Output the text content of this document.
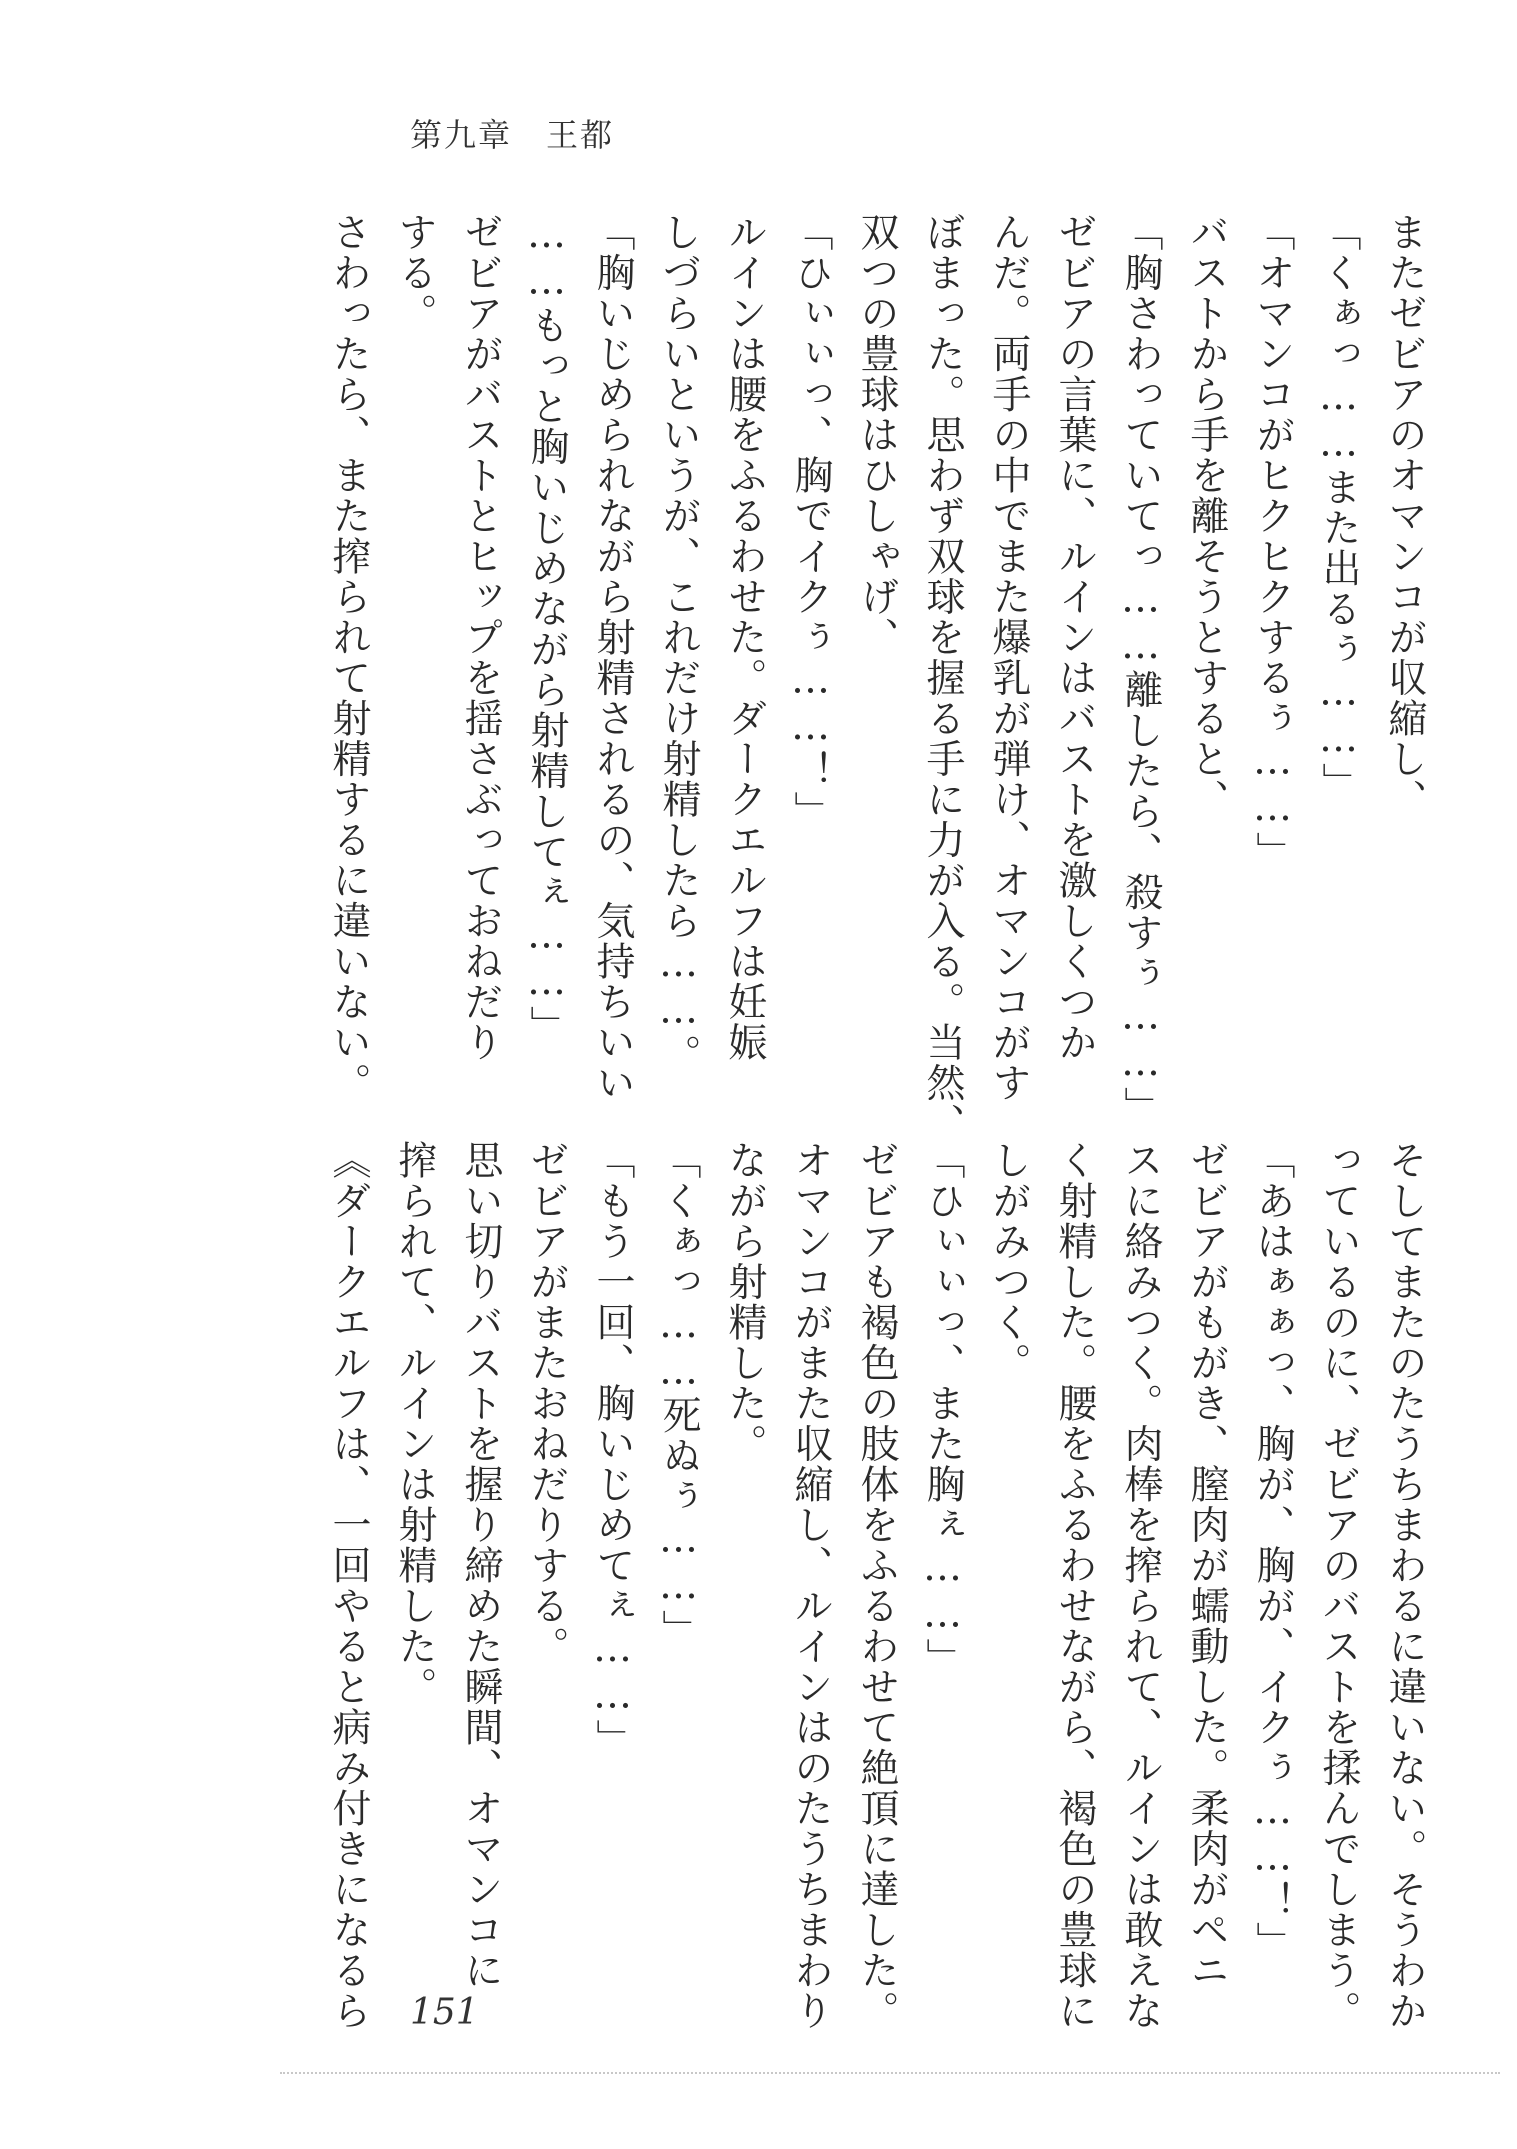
第九章　王都
またゼビアのオマンコが収縮し、
「くぁっ……また出るぅ……」
「オマンコがヒクヒクするぅ……」
バストから手を離そうとすると、
「胸さわっていてっ……離したら、殺すぅ……」
ゼビアの言葉に、ルインはバストを激しくつか
んだ。両手の中でまた爆乳が弾け、オマンコがす
ぼまった。思わず双球を握る手に力が入る。当然、
双つの豊球はひしゃげ、
「ひぃぃっ、胸でイクぅ……！」
ルインは腰をふるわせた。ダークエルフは妊娠
しづらいというが、これだけ射精したら……。
「胸いじめられながら射精されるの、気持ちいい
……もっと胸いじめながら射精してぇ……」
ゼビアがバストとヒップを揺さぶっておねだり
する。
さわったら、また搾られて射精するに違いない。
そしてまたのたうちまわるに違いない。そうわか
っているのに、ゼビアのバストを揉んでしまう。
「あはぁぁっ、胸が、胸が、イクぅ……！」
ゼビアがもがき、膣肉が蠕動した。柔肉がペニ
スに絡みつく。肉棒を搾られて、ルインは敢えな
く射精した。腰をふるわせながら、褐色の豊球に
しがみつく。
「ひぃぃっ、また胸ぇ……」
ゼビアも褐色の肢体をふるわせて絶頂に達した。
オマンコがまた収縮し、ルインはのたうちまわり
ながら射精した。
「くぁっ……死ぬぅ……」
「もう一回、胸いじめてぇ……」
ゼビアがまたおねだりする。
思い切りバストを握り締めた瞬間、オマンコに
搾られて、ルインは射精した。
《ダークエルフは、一回やると病み付きになるら 151
